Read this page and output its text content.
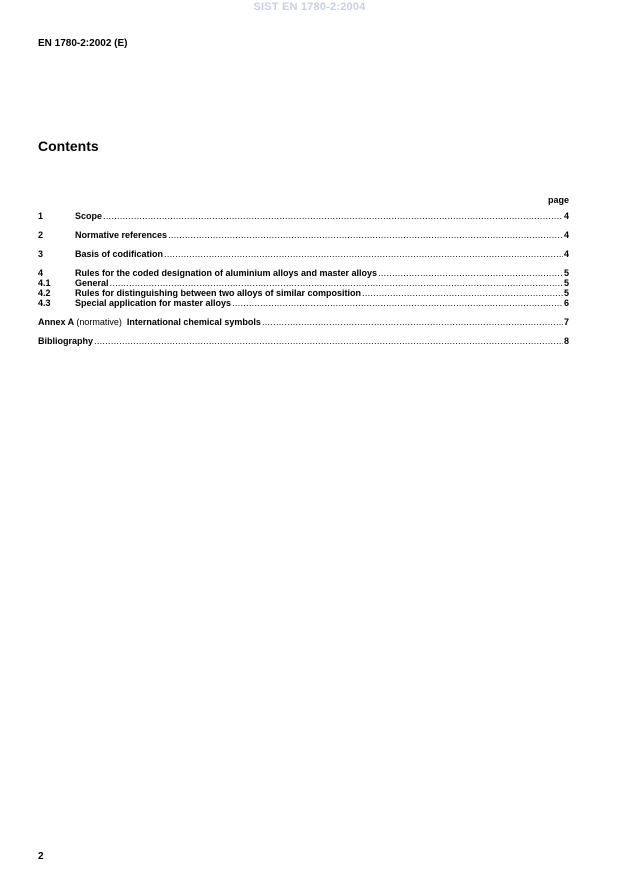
SIST EN 1780-2:2004
EN 1780-2:2002 (E)
Contents
page
1	Scope .....	4
2	Normative references .....	4
3	Basis of codification .....	4
4	Rules for the coded designation of aluminium alloys and master alloys .....	5
4.1	General .....	5
4.2	Rules for distinguishing between two alloys of similar composition .....	5
4.3	Special application for master alloys .....	6
Annex A (normative) International chemical symbols .....	7
Bibliography .....	8
2
